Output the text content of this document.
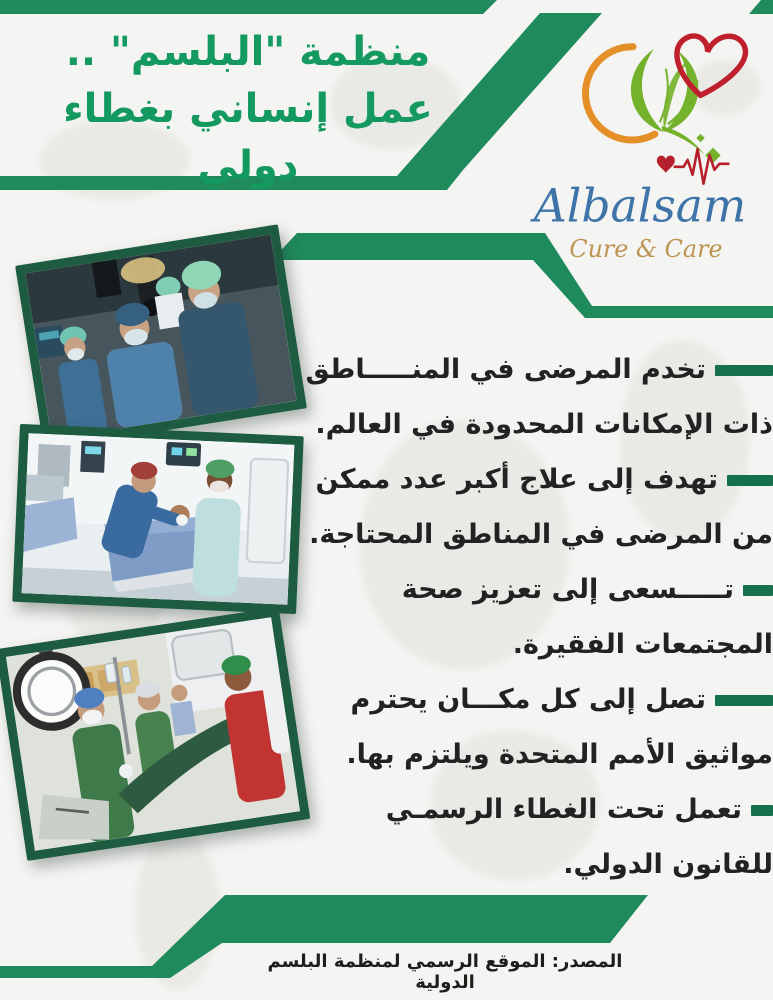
منظمة "البلسم" ..
عمل إنساني بغطاء دولي
Albalsam
Cure & Care
تخدم المرضى في المنـــــاطق ذات الإمكانات المحدودة في العالم.
تهدف إلى علاج أكبر عدد ممكن من المرضى في المناطق المحتاجة.
تـــــسعى إلى تعزيز صحة المجتمعات الفقيرة.
تصل إلى كل مكـــان يحترم مواثيق الأمم المتحدة ويلتزم بها.
تعمل تحت الغطاء الرسمـي للقانون الدولي.
المصدر: الموقع الرسمي لمنظمة البلسم الدولية
